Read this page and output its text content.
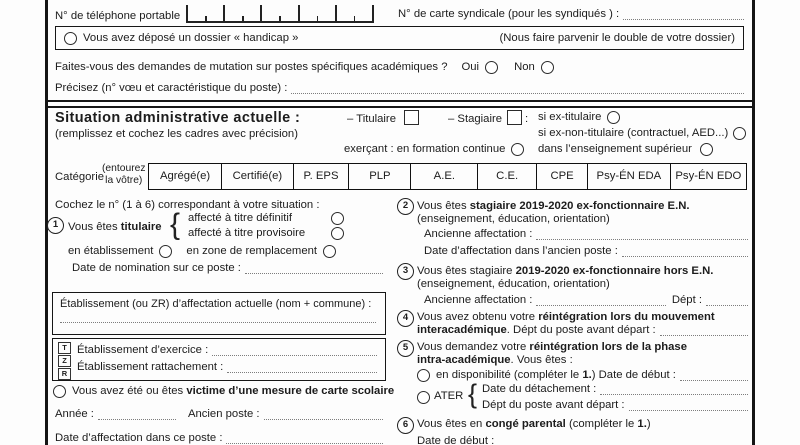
N° de téléphone portable	N° de carte syndicale (pour les syndiqués ) :
Vous avez déposé un dossier « handicap »	(Nous faire parvenir le double de votre dossier)
Faites-vous des demandes de mutation sur postes spécifiques académiques ? Oui	Non
Précisez (n° vœu et caractéristique du poste) :
Situation administrative actuelle :	– Titulaire	– Stagiaire : si ex-titulaire
(remplissez et cochez les cadres avec précision)	si ex-non-titulaire (contractuel, AED...)
exerçant : en formation continue	dans l’enseignement supérieur
Catégorie
(entourez
la vôtre)	Agrégé(e)	Certifié(e)	P. EPS	PLP	A.E.	C.E.	CPE	Psy-ÉN EDA	Psy-ÉN EDO
Cochez le n° (1 à 6) correspondant à votre situation :
1 Vous êtes titulaire { affecté à titre définitif
affecté à titre provisoire
en établissement	en zone de remplacement
Date de nomination sur ce poste :
Établissement (ou ZR) d’affectation actuelle (nom + commune) :
T
Z
R
Établissement d’exercice :
Établissement rattachement :
Vous avez été ou êtes victime d’une mesure de carte scolaire
Année :	Ancien poste :
Date d’affectation dans ce poste :
2 Vous êtes stagiaire 2019-2020 ex-fonctionnaire E.N.
(enseignement, éducation, orientation)
Ancienne affectation :
Date d’affectation dans l’ancien poste :
3 Vous êtes stagiaire 2019-2020 ex-fonctionnaire hors E.N.
(enseignement, éducation, orientation)
Ancienne affectation :	Dépt :
4 Vous avez obtenu votre réintégration lors du mouvement
interacadémique . Dépt du poste avant départ :
5 Vous demandez votre réintégration lors de la phase
intra-académique. Vous êtes :
en disponibilité (compléter le 1.) Date de début :
ATER { Date du détachement :
Dépt du poste avant départ :
6 Vous êtes en congé parental (compléter le 1.)
Date de début :
